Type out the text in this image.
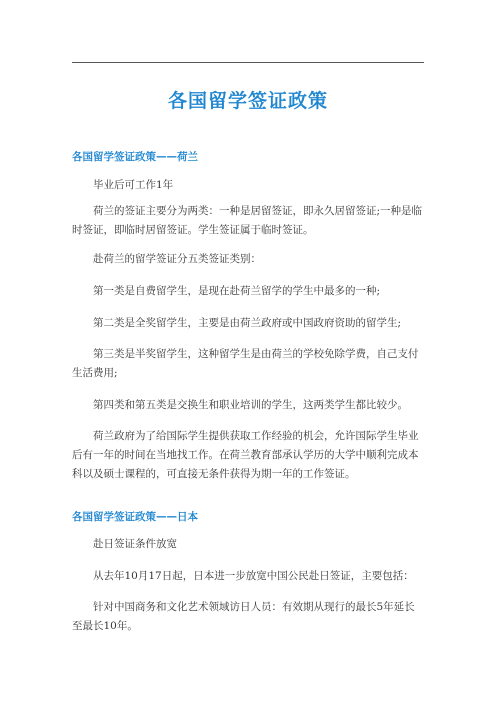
各国留学签证政策
各国留学签证政策——荷兰
毕业后可工作1年
荷兰的签证主要分为两类：一种是居留签证，即永久居留签证;一种是临时签证，即临时居留签证。学生签证属于临时签证。
赴荷兰的留学签证分五类签证类别：
第一类是自费留学生，是现在赴荷兰留学的学生中最多的一种;
第二类是全奖留学生，主要是由荷兰政府或中国政府资助的留学生;
第三类是半奖留学生，这种留学生是由荷兰的学校免除学费，自己支付生活费用;
第四类和第五类是交换生和职业培训的学生，这两类学生都比较少。
荷兰政府为了给国际学生提供获取工作经验的机会，允许国际学生毕业后有一年的时间在当地找工作。在荷兰教育部承认学历的大学中顺利完成本科以及硕士课程的，可直接无条件获得为期一年的工作签证。
各国留学签证政策——日本
赴日签证条件放宽
从去年10月17日起，日本进一步放宽中国公民赴日签证，主要包括：
针对中国商务和文化艺术领域访日人员：有效期从现行的最长5年延长至最长10年。
